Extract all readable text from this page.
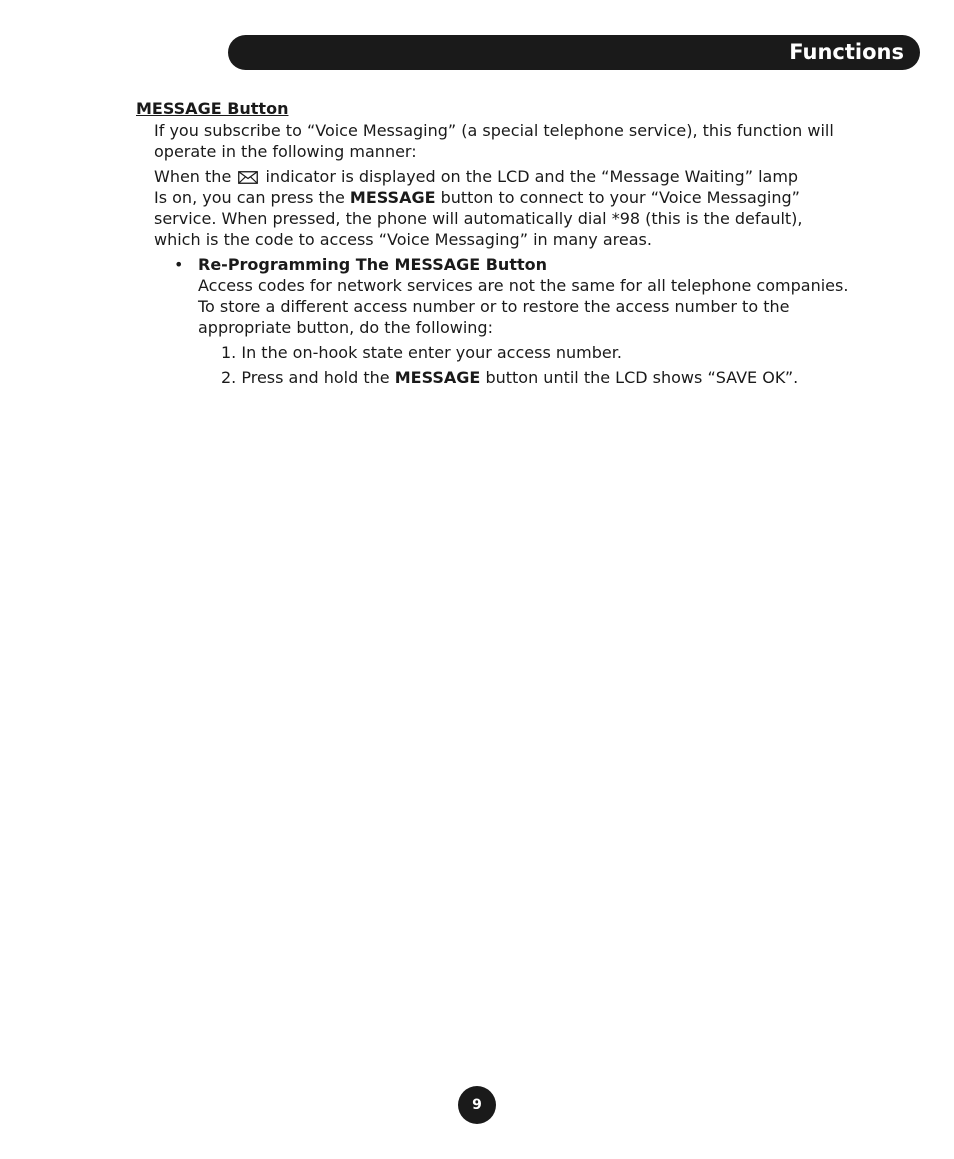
Functions
MESSAGE Button
If you subscribe to “Voice Messaging” (a special telephone service), this function will
operate in the following manner:
When the indicator is displayed on the LCD and the “Message Waiting” lamp
Is on, you can press the MESSAGE button to connect to your “Voice Messaging”
service. When pressed, the phone will automatically dial *98 (this is the default),
which is the code to access “Voice Messaging” in many areas.
• Re-Programming The MESSAGE Button
Access codes for network services are not the same for all telephone companies.
To store a different access number or to restore the access number to the
appropriate button, do the following:
1. In the on-hook state enter your access number.
2. Press and hold the MESSAGE button until the LCD shows “SAVE OK”.
9
